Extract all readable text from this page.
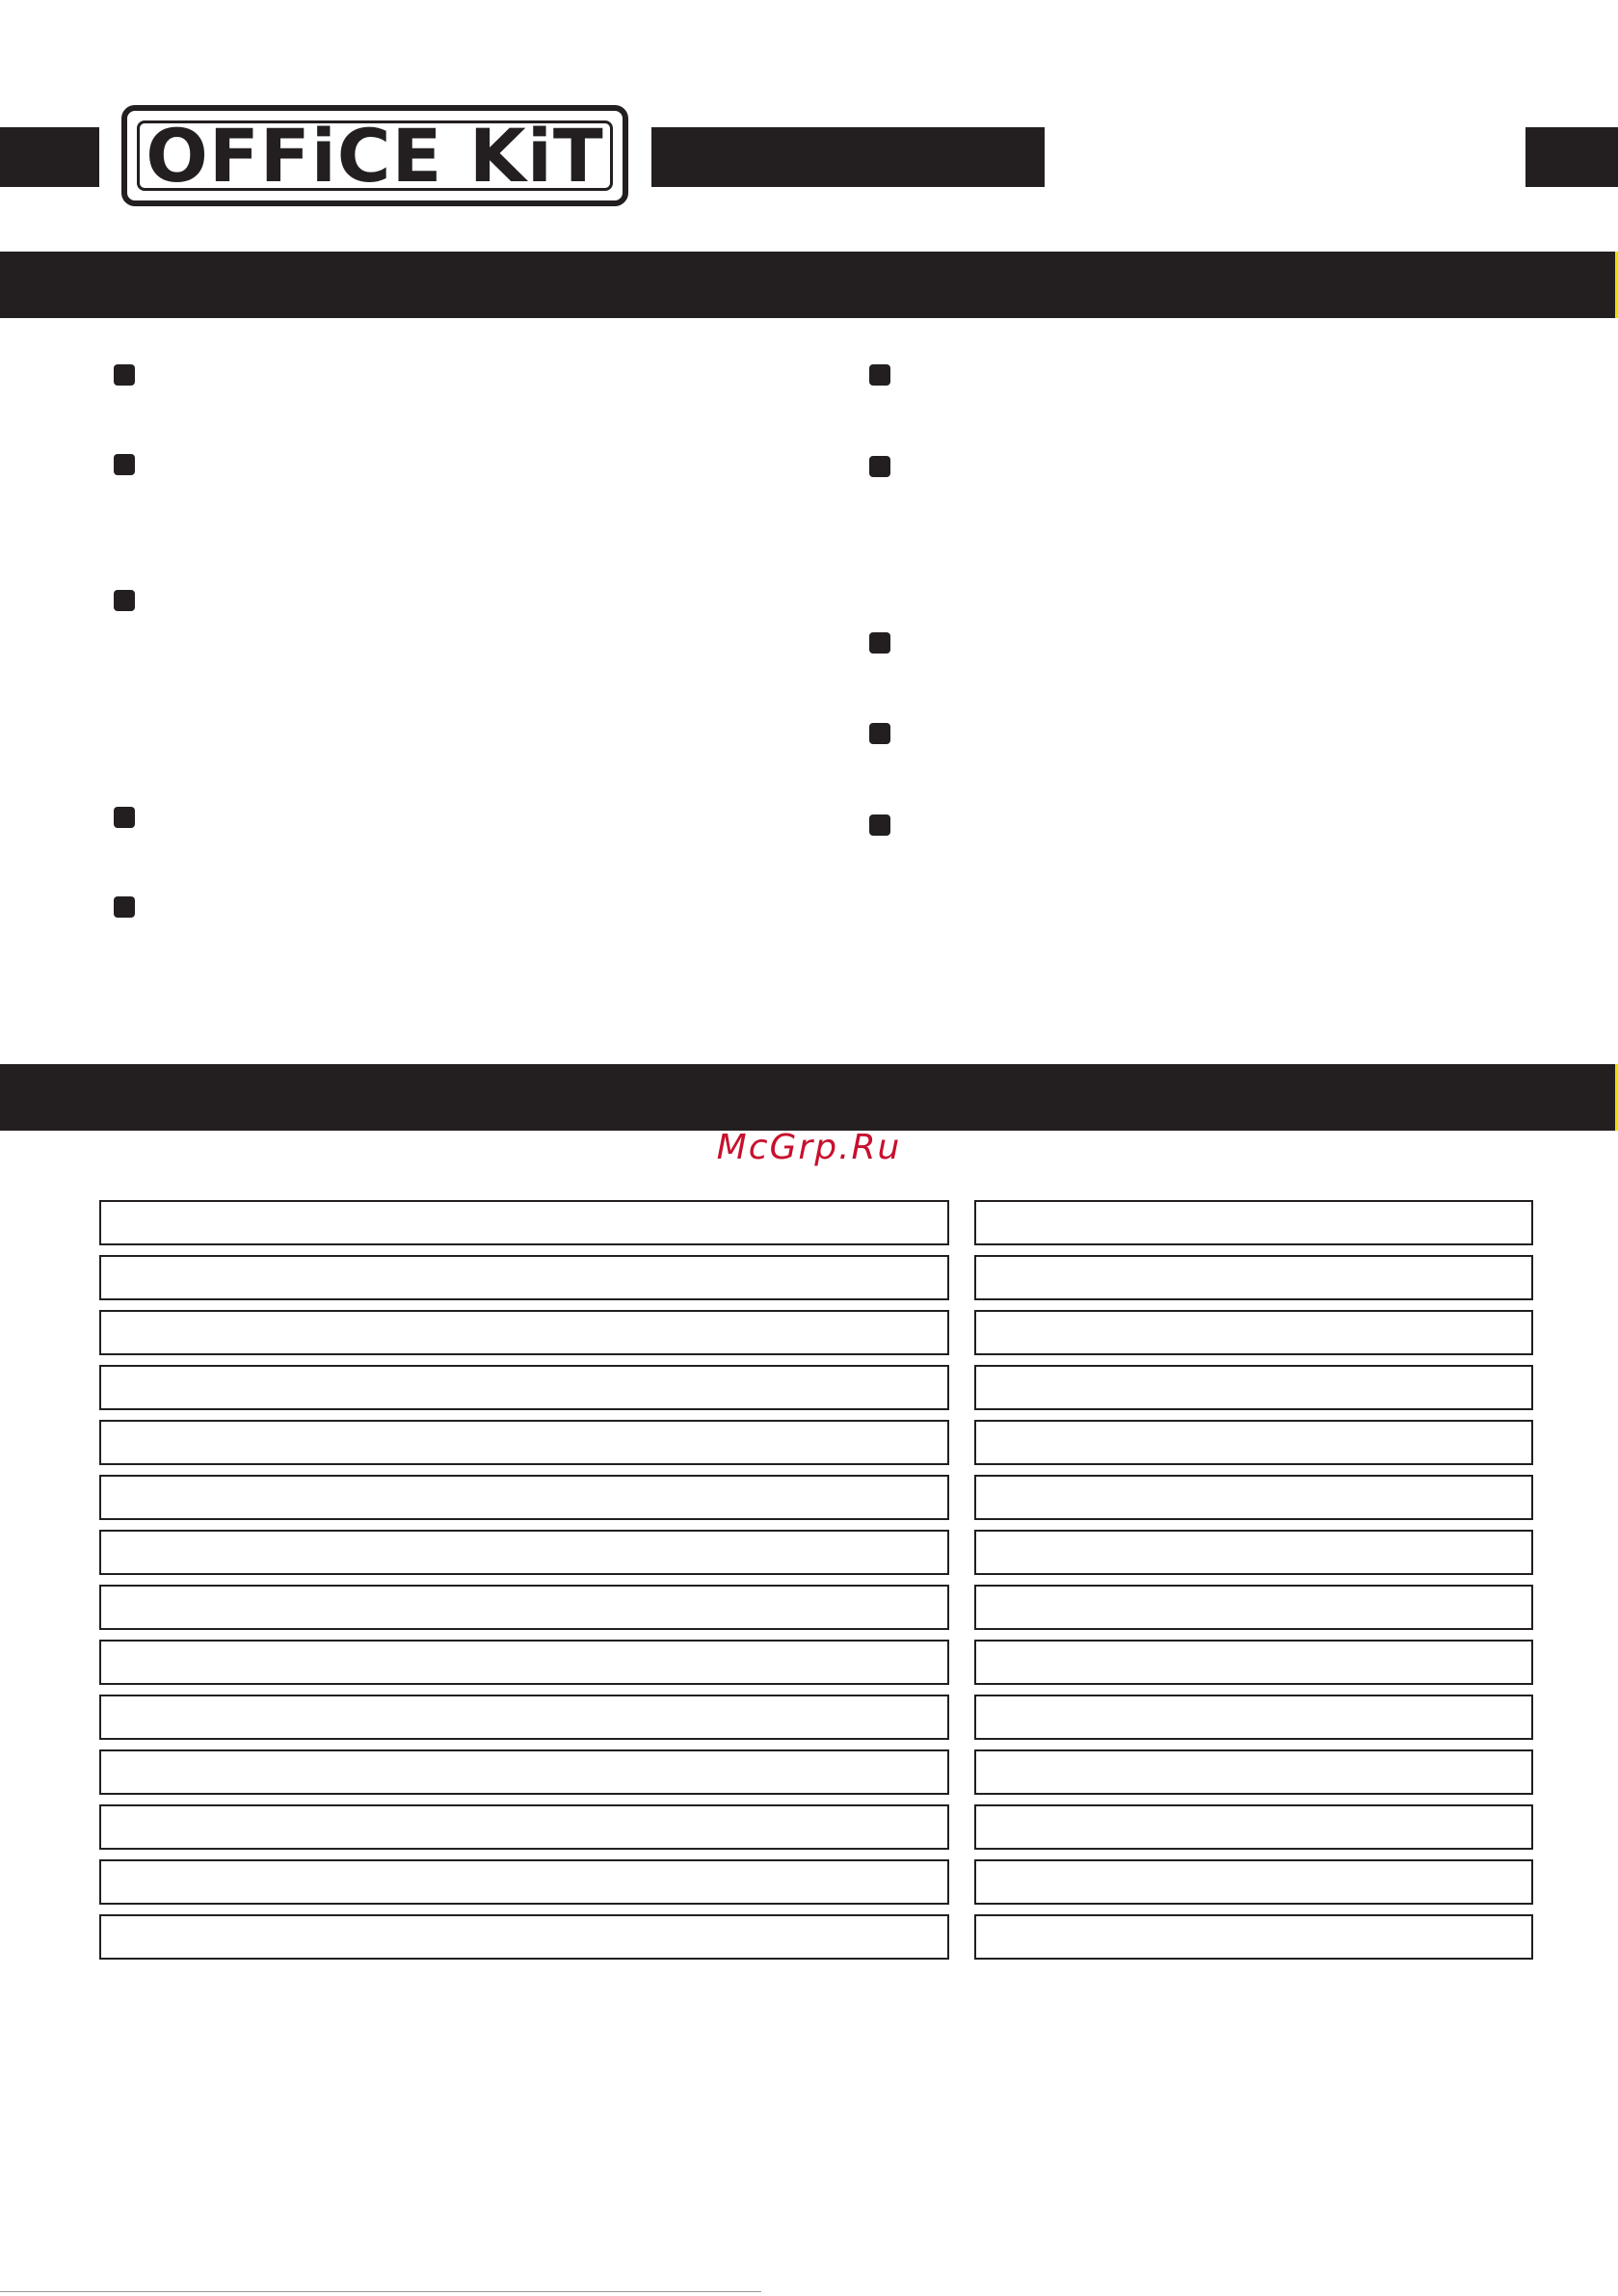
OFFiCE KiT
McGrp.Ru
